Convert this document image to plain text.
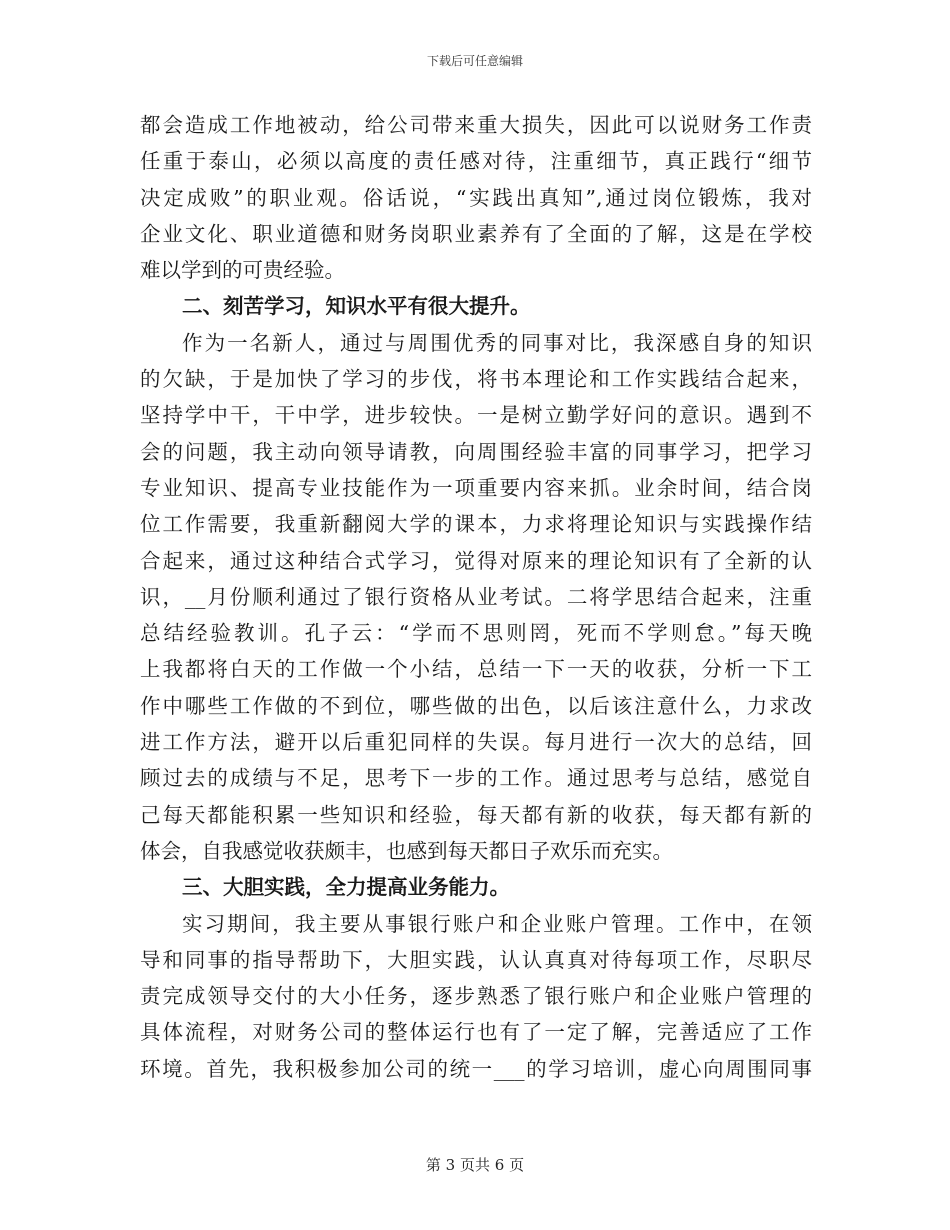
下载后可任意编辑
都会造成工作地被动，给公司带来重大损失，因此可以说财务工作责
任重于泰山，必须以高度的责任感对待，注重细节，真正践行“细节
决定成败”的职业观。俗话说，“实践出真知”,通过岗位锻炼，我对
企业文化、职业道德和财务岗职业素养有了全面的了解，这是在学校
难以学到的可贵经验。
二、刻苦学习，知识水平有很大提升。
作为一名新人，通过与周围优秀的同事对比，我深感自身的知识
的欠缺，于是加快了学习的步伐，将书本理论和工作实践结合起来，
坚持学中干，干中学，进步较快。一是树立勤学好问的意识。遇到不
会的问题，我主动向领导请教，向周围经验丰富的同事学习，把学习
专业知识、提高专业技能作为一项重要内容来抓。业余时间，结合岗
位工作需要，我重新翻阅大学的课本，力求将理论知识与实践操作结
合起来，通过这种结合式学习，觉得对原来的理论知识有了全新的认
识，__月份顺利通过了银行资格从业考试。二将学思结合起来，注重
总结经验教训。孔子云：“学而不思则罔，死而不学则怠。”每天晚
上我都将白天的工作做一个小结，总结一下一天的收获，分析一下工
作中哪些工作做的不到位，哪些做的出色，以后该注意什么，力求改
进工作方法，避开以后重犯同样的失误。每月进行一次大的总结，回
顾过去的成绩与不足，思考下一步的工作。通过思考与总结，感觉自
己每天都能积累一些知识和经验，每天都有新的收获，每天都有新的
体会，自我感觉收获颇丰，也感到每天都日子欢乐而充实。
三、大胆实践，全力提高业务能力。
实习期间，我主要从事银行账户和企业账户管理。工作中，在领
导和同事的指导帮助下，大胆实践，认认真真对待每项工作，尽职尽
责完成领导交付的大小任务，逐步熟悉了银行账户和企业账户管理的
具体流程，对财务公司的整体运行也有了一定了解，完善适应了工作
环境。首先，我积极参加公司的统一___的学习培训，虚心向周围同事
第 3 页共 6 页
